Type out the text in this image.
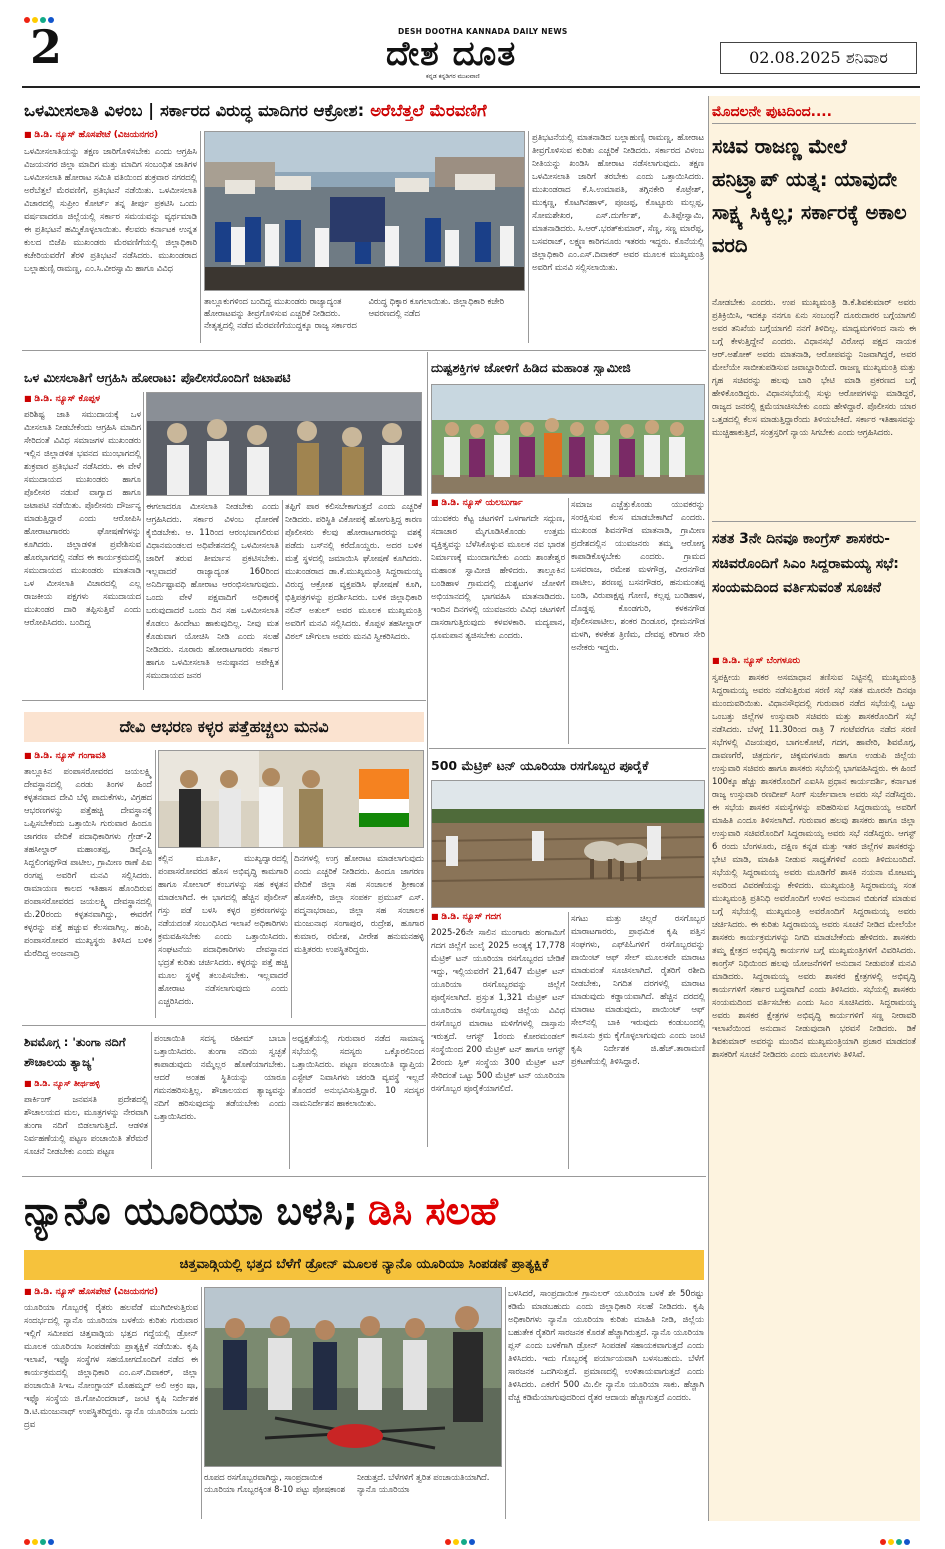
2	DESH DOOTHA KANNADA DAILY NEWS
ದೇಶ ದೂತ
ಕನ್ನಡ ಕನ್ನಡಿಗರ ಮುಖವಾಣಿ
02.08.2025 ಶನಿವಾರ
ಒಳಮೀಸಲಾತಿ ವಿಳಂಬ | ಸರ್ಕಾರದ ವಿರುದ್ಧ ಮಾದಿಗರ ಆಕ್ರೋಶ: ಅರೆಬೆತ್ತಲೆ ಮೆರವಣಿಗೆ
■ ಡಿ.ಡಿ. ನ್ಯೂಸ್ ಹೊಸಪೇಟೆ (ವಿಜಯನಗರ)
ಒಳಮೀಸಲಾತಿಯನ್ನು ತಕ್ಷಣ ಜಾರಿಗೊಳಿಸಬೇಕು ಎಂದು ಆಗ್ರಹಿಸಿ ವಿಜಯನಗರ ಜಿಲ್ಲಾ ಮಾದಿಗ ಮತ್ತು ಮಾದಿಗ ಸಂಬಂಧಿತ ಜಾತಿಗಳ ಒಳಮೀಸಲಾತಿ ಹೋರಾಟ ಸಮಿತಿ ವತಿಯಿಂದ ಶುಕ್ರವಾರ ನಗರದಲ್ಲಿ ಅರೆಬೆತ್ತಲೆ ಮೆರವಣಿಗೆ, ಪ್ರತಿಭಟನೆ ನಡೆಯಿತು. ಒಳಮೀಸಲಾತಿ ವಿಚಾರದಲ್ಲಿ ಸುಪ್ರೀಂ ಕೋರ್ಟ್ ತನ್ನ ತೀರ್ಪು ಪ್ರಕಟಿಸಿ ಒಂದು ವರ್ಷವಾದರೂ ಜಿಲ್ಲೆಯಲ್ಲಿ ಸರ್ಕಾರ ಸಮಯವನ್ನು ವ್ಯರ್ಥಮಾಡಿ ಈ ಪ್ರತಿಭಟನೆ ಹಮ್ಮಿಕೊಳ್ಳಲಾಯಿತು. ಕೆಲವರು ಕರ್ನಾಟಕ ಉನ್ನತ ಕುಲದ ಬಿಜೆಪಿ ಮುಖಂಡರು ಮೆರವಣಿಗೆಯಲ್ಲಿ ಜಿಲ್ಲಾಧಿಕಾರಿ ಕಚೇರಿಯವರೆಗೆ ತೆರಳಿ ಪ್ರತಿಭಟನೆ ನಡೆಸಿದರು. ಮುಖಂಡರಾದ ಬಲ್ಲಾಹುಣ್ಸಿ ರಾಮಣ್ಣ, ಎಂ.ಸಿ.ವೀರಸ್ವಾಮಿ ಹಾಗೂ ವಿವಿಧ
ತಾಲ್ಲೂಕುಗಳಿಂದ ಬಂದಿದ್ದ ಮುಖಂಡರು ರಾಜ್ಯಾದ್ಯಂತ ಹೋರಾಟವನ್ನು ತೀವ್ರಗೊಳಿಸುವ ಎಚ್ಚರಿಕೆ ನೀಡಿದರು. ನೇತೃತ್ವದಲ್ಲಿ ನಡೆದ ಮೆರವಣಿಗೆಯುದ್ದಕ್ಕೂ ರಾಜ್ಯ ಸರ್ಕಾರದ ವಿರುದ್ಧ ಧಿಕ್ಕಾರ ಕೂಗಲಾಯಿತು. ಜಿಲ್ಲಾಧಿಕಾರಿ ಕಚೇರಿ ಆವರಣದಲ್ಲಿ ನಡೆದ
ಪ್ರತಿಭಟನೆಯಲ್ಲಿ ಮಾತನಾಡಿದ ಬಲ್ಲಾಹುಣ್ಸಿ ರಾಮಣ್ಣ, ಹೋರಾಟ ತೀವ್ರಗೊಳಿಸುವ ಕುರಿತು ಎಚ್ಚರಿಕೆ ನೀಡಿದರು. ಸರ್ಕಾರದ ವಿಳಂಬ ನೀತಿಯನ್ನು ಖಂಡಿಸಿ ಹೋರಾಟ ನಡೆಸಲಾಗುವುದು. ತಕ್ಷಣ ಒಳಮೀಸಲಾತಿ ಜಾರಿಗೆ ತರಬೇಕು ಎಂದು ಒತ್ತಾಯಿಸಿದರು. ಮುಖಂಡರಾದ ಕೆ.ಸಿ.ಉಮಾಪತಿ, ತಗ್ಗಿನಕೇರಿ ಕೊಟ್ರೇಶ್, ಮುಕ್ಕಣ್ಣ, ಕೊಟಗಿನಹಾಳ್, ಪೂಜಪ್ಪ, ಕೊಟ್ಟೂರು ಮಲ್ಲಪ್ಪ, ಸೋಮಶೇಖರ, ಎಸ್.ದುರ್ಗೇಶ್, ಪಿ.ತಿಪ್ಪೇಸ್ವಾಮಿ, ಮಾತನಾಡಿದರು. ಸಿ.ಆರ್.ಭರತ್‍ಕುಮಾರ್, ಸೆಣ್ಣ, ಸಣ್ಣ ಮಾರೆಪ್ಪ, ಬಸವರಾಜ್, ಲಕ್ಷ್ಮಣ ಕಾರಿಗನೂರು ಇತರರು ಇದ್ದರು. ಕೊನೆಯಲ್ಲಿ ಜಿಲ್ಲಾಧಿಕಾರಿ ಎಂ.ಎಸ್.ದಿವಾಕರ್ ಅವರ ಮೂಲಕ ಮುಖ್ಯಮಂತ್ರಿ ಅವರಿಗೆ ಮನವಿ ಸಲ್ಲಿಸಲಾಯಿತು.
ಮೊದಲನೇ ಪುಟದಿಂದ....
ಸಚಿವ ರಾಜಣ್ಣ ಮೇಲೆ ಹನಿಟ್ರ್ಯಾಪ್ ಯತ್ನ: ಯಾವುದೇ ಸಾಕ್ಷ್ಯ ಸಿಕ್ಕಿಲ್ಲ; ಸರ್ಕಾರಕ್ಕೆ ಅಕಾಲ ವರದಿ
ನೋಡಬೇಕು ಎಂದರು. ಉಪ ಮುಖ್ಯಮಂತ್ರಿ ಡಿ.ಕೆ.ಶಿವಕುಮಾರ್ ಅವರು ಪ್ರತಿಕ್ರಿಯಿಸಿ, ಇದಕ್ಕೂ ನನಗೂ ಏನು ಸಂಬಂಧ? ದೂರುದಾರರ ಬಗ್ಗೆಯಾಗಲಿ ಅವರ ತನಿಖೆಯ ಬಗ್ಗೆಯಾಗಲಿ ನನಗೆ ತಿಳಿದಿಲ್ಲ. ಮಾಧ್ಯಮಗಳಿಂದ ನಾನು ಈ ಬಗ್ಗೆ ಕೇಳುತ್ತಿದ್ದೇನೆ ಎಂದರು. ವಿಧಾನಸಭೆ ವಿರೋಧ ಪಕ್ಷದ ನಾಯಕ ಆರ್.ಅಶೋಕ್ ಅವರು ಮಾತನಾಡಿ, ಆರೋಪವನ್ನು ನಿಜವಾಗಿದ್ದರೆ, ಅವರ ಮೇಲೆಯೇ ಸಾಬೀತುಪಡಿಸುವ ಜವಾಬ್ದಾರಿಯಿದೆ. ರಾಜಣ್ಣ ಮುಖ್ಯಮಂತ್ರಿ ಮತ್ತು ಗೃಹ ಸಚಿವರನ್ನು ಹಲವು ಬಾರಿ ಭೇಟಿ ಮಾಡಿ ಪ್ರಕರಣದ ಬಗ್ಗೆ ಹೇಳಿಕೊಂಡಿದ್ದರು. ವಿಧಾನಸಭೆಯಲ್ಲಿ ಸುಳ್ಳು ಆರೋಪಗಳನ್ನು ಮಾಡಿದ್ದರೆ, ರಾಜ್ಯದ ಜನರಲ್ಲಿ ಕ್ಷಮೆಯಾಚಿಸಬೇಕು ಎಂದು ಹೇಳಿದ್ದಾರೆ. ಪೊಲೀಸರು ಯಾರ ಒತ್ತಡದಲ್ಲಿ ಕೆಲಸ ಮಾಡುತ್ತಿದ್ದಾರೆಂದು ತಿಳಿಯಬೇಕಿದೆ. ಸರ್ಕಾರ ಇತಿಹಾಸವನ್ನು ಮುಚ್ಚಿಹಾಕುತ್ತಿದೆ, ಸಂತ್ರಸ್ತರಿಗೆ ನ್ಯಾಯ ಸಿಗಬೇಕು ಎಂದು ಆಗ್ರಹಿಸಿದರು.
ಸತತ 3ನೇ ದಿನವೂ ಕಾಂಗ್ರೆಸ್ ಶಾಸಕರು-ಸಚಿವರೊಂದಿಗೆ ಸಿಎಂ ಸಿದ್ದರಾಮಯ್ಯ ಸಭೆ: ಸಂಯಮದಿಂದ ವರ್ತಿಸುವಂತೆ ಸೂಚನೆ
■ ಡಿ.ಡಿ. ನ್ಯೂಸ್ ಬೆಂಗಳೂರು
ಸ್ವಪಕ್ಷೀಯ ಶಾಸಕರ ಅಸಮಾಧಾನ ತಣಿಸುವ ನಿಟ್ಟಿನಲ್ಲಿ ಮುಖ್ಯಮಂತ್ರಿ ಸಿದ್ದರಾಮಯ್ಯ ಅವರು ನಡೆಸುತ್ತಿರುವ ಸರಣಿ ಸಭೆ ಸತತ ಮೂರನೇ ದಿನವೂ ಮುಂದುವರಿಯಿತು. ವಿಧಾನಸೌಧದಲ್ಲಿ ಗುರುವಾರ ನಡೆದ ಸಭೆಯಲ್ಲಿ ಒಟ್ಟು ಒಂಬತ್ತು ಜಿಲ್ಲೆಗಳ ಉಸ್ತುವಾರಿ ಸಚಿವರು ಮತ್ತು ಶಾಸಕರೊಂದಿಗೆ ಸಭೆ ನಡೆಸಿದರು. ಬೆಳಗ್ಗೆ 11.30ರಿಂದ ರಾತ್ರಿ 7 ಗಂಟೆವರೆಗೂ ನಡೆದ ಸರಣಿ ಸಭೆಗಳಲ್ಲಿ ವಿಜಯಪುರ, ಬಾಗಲಕೋಟೆ, ಗದಗ, ಹಾವೇರಿ, ಶಿವಮೊಗ್ಗ, ದಾವಣಗೆರೆ, ಚಿತ್ರದುರ್ಗ, ಚಿಕ್ಕಮಗಳೂರು ಹಾಗೂ ಉಡುಪಿ ಜಿಲ್ಲೆಯ ಉಸ್ತುವಾರಿ ಸಚಿವರು ಹಾಗೂ ಶಾಸಕರು ಸಭೆಯಲ್ಲಿ ಭಾಗವಹಿಸಿದ್ದರು. ಈ ಹಿಂದೆ 100ಕ್ಕೂ ಹೆಚ್ಚು ಶಾಸಕರೊಂದಿಗೆ ಎಐಸಿಸಿ ಪ್ರಧಾನ ಕಾರ್ಯದರ್ಶಿ, ಕರ್ನಾಟಕ ರಾಜ್ಯ ಉಸ್ತುವಾರಿ ರಣದೀಪ್ ಸಿಂಗ್ ಸುರ್ಜೇವಾಲಾ ಅವರು ಸಭೆ ನಡೆಸಿದ್ದರು. ಈ ಸಭೆಯ ಶಾಸಕರ ಸಮಸ್ಯೆಗಳನ್ನು ಪರಿಹರಿಸುವ ಸಿದ್ದರಾಮಯ್ಯ ಅವರಿಗೆ ಮಾಹಿತಿ ಎಂದೂ ತಿಳಿಸಲಾಗಿದೆ. ಗುರುವಾರ ಹಲವು ಶಾಸಕರು ಹಾಗೂ ಜಿಲ್ಲಾ ಉಸ್ತುವಾರಿ ಸಚಿವರೊಂದಿಗೆ ಸಿದ್ದರಾಮಯ್ಯ ಅವರು ಸಭೆ ನಡೆಸಿದ್ದರು. ಆಗಸ್ಟ್ 6 ರಂದು ಬೆಂಗಳೂರು, ದಕ್ಷಿಣ ಕನ್ನಡ ಮತ್ತು ಇತರ ಜಿಲ್ಲೆಗಳ ಶಾಸಕರನ್ನು ಭೇಟಿ ಮಾಡಿ, ಮಾಹಿತಿ ನೀಡುವ ಸಾಧ್ಯತೆಗಳಿವೆ ಎಂದು ತಿಳಿದುಬಂದಿದೆ. ಸಭೆಯಲ್ಲಿ ಸಿದ್ದರಾಮಯ್ಯ ಅವರು ಮೂಡಿಗೆರೆ ಶಾಸಕಿ ನಯನಾ ಮೋಟಮ್ಮ ಅವರಿಂದ ವಿವರಣೆಯನ್ನು ಕೇಳಿದರು. ಮುಖ್ಯಮಂತ್ರಿ ಸಿದ್ದರಾಮಯ್ಯ ಸಂತ ಮುಖ್ಯಮಂತ್ರಿ ಪ್ರತಿನಿಧಿ ಅವರೊಂದಿಗೆ ಉಳಿದ ಅನುದಾನ ಬಿಡುಗಡೆ ಮಾಡುವ ಬಗ್ಗೆ ಸಭೆಯಲ್ಲಿ ಮುಖ್ಯಮಂತ್ರಿ ಅವರೊಂದಿಗೆ ಸಿದ್ದರಾಮಯ್ಯ ಅವರು ಚರ್ಚಿಸಿದರು. ಈ ಕುರಿತು ಸಿದ್ದರಾಮಯ್ಯ ಅವರು ಸೂಚನೆ ನೀಡಿದ ಮೇಲೆಯೇ ಶಾಸಕರು ಕಾರ್ಯಕ್ರಮಗಳನ್ನು ನಿಗದಿ ಮಾಡಬೇಕೆಂದು ಹೇಳಿದರು. ಶಾಸಕರು ತಮ್ಮ ಕ್ಷೇತ್ರದ ಅಭಿವೃದ್ಧಿ ಕಾರ್ಯಗಳ ಬಗ್ಗೆ ಮುಖ್ಯಮಂತ್ರಿಗಳಿಗೆ ವಿವರಿಸಿದರು. ಕಾಂಗ್ರೆಸ್ ನಿಧಿಯಿಂದ ಹಲವು ಯೋಜನೆಗಳಿಗೆ ಅನುದಾನ ನೀಡುವಂತೆ ಮನವಿ ಮಾಡಿದರು. ಸಿದ್ದರಾಮಯ್ಯ ಅವರು ಶಾಸಕರ ಕ್ಷೇತ್ರಗಳಲ್ಲಿ ಅಭಿವೃದ್ಧಿ ಕಾರ್ಯಗಳಿಗೆ ಸರ್ಕಾರ ಬದ್ಧವಾಗಿದೆ ಎಂದು ತಿಳಿಸಿದರು. ಸಭೆಯಲ್ಲಿ ಶಾಸಕರು ಸಂಯಮದಿಂದ ವರ್ತಿಸಬೇಕು ಎಂದು ಸಿಎಂ ಸೂಚಿಸಿದರು. ಸಿದ್ದರಾಮಯ್ಯ ಅವರು ಶಾಸಕರ ಕ್ಷೇತ್ರಗಳ ಅಭಿವೃದ್ಧಿ ಕಾರ್ಯಗಳಿಗೆ ಸಣ್ಣ ನೀರಾವರಿ ಇಲಾಖೆಯಿಂದ ಅನುದಾನ ನೀಡುವುದಾಗಿ ಭರವಸೆ ನೀಡಿದರು. ಡಿಕೆ ಶಿವಕುಮಾರ್ ಅವರನ್ನು ಮುಂದಿನ ಮುಖ್ಯಮಂತ್ರಿಯಾಗಿ ಪ್ರಚಾರ ಮಾಡದಂತೆ ಶಾಸಕರಿಗೆ ಸೂಚನೆ ನೀಡಿದರು ಎಂದು ಮೂಲಗಳು ತಿಳಿಸಿವೆ.
ಒಳ ಮೀಸಲಾತಿಗೆ ಆಗ್ರಹಿಸಿ ಹೋರಾಟ: ಪೊಲೀಸರೊಂದಿಗೆ ಜಟಾಪಟಿ
■ ಡಿ.ಡಿ. ನ್ಯೂಸ್ ಕೊಪ್ಪಳ
ಪರಿಶಿಷ್ಟ ಜಾತಿ ಸಮುದಾಯಕ್ಕೆ ಒಳ ಮೀಸಲಾತಿ ನೀಡಬೇಕೆಂದು ಆಗ್ರಹಿಸಿ ಮಾದಿಗ ಸೇರಿದಂತೆ ವಿವಿಧ ಸಮಾಜಗಳ ಮುಖಂಡರು ಇಲ್ಲಿನ ಜಿಲ್ಲಾಡಳಿತ ಭವನದ ಮುಂಭಾಗದಲ್ಲಿ ಶುಕ್ರವಾರ ಪ್ರತಿಭಟನೆ ನಡೆಸಿದರು. ಈ ವೇಳೆ ಸಮುದಾಯದ ಮುಖಂಡರು ಹಾಗೂ ಪೊಲೀಸರ ನಡುವೆ ವಾಗ್ವಾದ ಹಾಗೂ ಜಟಾಪಟಿ ನಡೆಯಿತು. ಪೊಲೀಸರು ದೌರ್ಜನ್ಯ ಮಾಡುತ್ತಿದ್ದಾರೆ ಎಂದು ಆರೋಪಿಸಿ ಹೋರಾಟಗಾರರು ಘೋಷಣೆಗಳನ್ನು ಕೂಗಿದರು. ಜಿಲ್ಲಾಡಳಿತ ಪ್ರವೇಶಿಸುವ ಹೊರಭಾಗದಲ್ಲಿ ನಡೆದ ಈ ಕಾರ್ಯಕ್ರಮದಲ್ಲಿ ಸಮುದಾಯದ ಮುಖಂಡರು ಮಾತನಾಡಿ ಒಳ ಮೀಸಲಾತಿ ವಿಚಾರದಲ್ಲಿ ಎಲ್ಲ ರಾಜಕೀಯ ಪಕ್ಷಗಳು ಸಮುದಾಯದ ಮುಖಂಡರ ದಾರಿ ತಪ್ಪಿಸುತ್ತಿವೆ ಎಂದು ಆರೋಪಿಸಿದರು. ಬಂದಿದ್ದ
ಈಗಲಾದರೂ ಮೀಸಲಾತಿ ನೀಡಬೇಕು ಎಂದು ಆಗ್ರಹಿಸಿದರು. ಸರ್ಕಾರ ವಿಳಂಬ ಧೋರಣೆ ಕೈಬಿಡಬೇಕು. ಆ. 11ರಿಂದ ಆರಂಭವಾಗಲಿರುವ ವಿಧಾನಮಂಡಲದ ಅಧಿವೇಶನದಲ್ಲಿ ಒಳಮೀಸಲಾತಿ ಜಾರಿಗೆ ತರುವ ತೀರ್ಮಾನ ಪ್ರಕಟಿಸಬೇಕು. ಇಲ್ಲವಾದರೆ ರಾಜ್ಯಾದ್ಯಂತ 160ರಿಂದ ಅನಿರ್ದಿಷ್ಟಾವಧಿ ಹೋರಾಟ ಆರಂಭಿಸಲಾಗುವುದು. ಒಂದು ವೇಳೆ ಪಕ್ಷವಾದಿಗೆ ಅಧಿಕಾರಕ್ಕೆ ಬರುವುದಾದರೆ ಒಂದು ದಿನ ಸಹ ಒಳಮೀಸಲಾತಿ ಕೊಡಲು ಹಿಂದೇಟು ಹಾಕುವುದಿಲ್ಲ. ನೀವು ಮತ ಕೊಡುವಾಗ ಯೋಚಿಸಿ ನೀಡಿ ಎಂದು ಸಲಹೆ ನೀಡಿದರು. ನೂರಾರು ಹೋರಾಟಗಾರರು ಸರ್ಕಾರ ಹಾಗೂ ಒಳಮೀಸಲಾತಿ ಅನುಷ್ಠಾನದ ಅಪೇಕ್ಷಿತ ಸಮುದಾಯದ ಜನರ
ತಪ್ಪಿಗೆ ಪಾಠ ಕಲಿಸಬೇಕಾಗುತ್ತದೆ ಎಂದು ಎಚ್ಚರಿಕೆ ನೀಡಿದರು. ಪರಿಸ್ಥಿತಿ ವಿಕೋಪಕ್ಕೆ ಹೋಗುತ್ತಿದ್ದ ಕಾರಣ ಪೊಲೀಸರು ಕೆಲವು ಹೋರಾಟಗಾರರನ್ನು ವಶಕ್ಕೆ ಪಡೆದು ಬಸ್‍ನಲ್ಲಿ ಕರೆದೊಯ್ದರು. ಅದರ ಬಳಿಕ ಮತ್ತೆ ಸ್ಥಳದಲ್ಲಿ ಜಮಾಯಿಸಿ ಘೋಷಣೆ ಕೂಗಿದರು. ಮುಖಂಡರಾದ ಡಾ.ಕೆ.ಮುಖ್ಯಮಂತ್ರಿ ಸಿದ್ದರಾಮಯ್ಯ ವಿರುದ್ಧ ಆಕ್ರೋಶ ವ್ಯಕ್ತಪಡಿಸಿ ಘೋಷಣೆ ಕೂಗಿ, ಭಿತ್ತಿಪತ್ರಗಳನ್ನು ಪ್ರದರ್ಶಿಸಿದರು. ಬಳಿಕ ಜಿಲ್ಲಾಧಿಕಾರಿ ನಲಿನ್ ಅತುಲ್ ಅವರ ಮೂಲಕ ಮುಖ್ಯಮಂತ್ರಿ ಅವರಿಗೆ ಮನವಿ ಸಲ್ಲಿಸಿದರು. ಕೊಪ್ಪಳ ತಹಸೀಲ್ದಾರ್ ವಿಠಲ್ ಚೌಗುಲಾ ಅವರು ಮನವಿ ಸ್ವೀಕರಿಸಿದರು.
ದುಷ್ಟಶಕ್ತಿಗಳ ಜೋಳಿಗೆ ಹಿಡಿದ ಮಹಾಂತ ಸ್ವಾಮೀಜಿ
■ ಡಿ.ಡಿ. ನ್ಯೂಸ್ ಯಲಬುರ್ಗಾ
ಯುವಕರು ಕೆಟ್ಟ ಚಟಗಳಿಗೆ ಒಳಗಾಗದೇ ಸದ್ಗುಣ, ಸದಾಚಾರ ಮೈಗೂಡಿಸಿಕೊಂಡು ಉತ್ತಮ ವ್ಯಕ್ತಿತ್ವವನ್ನು ಬೆಳೆಸಿಕೊಳ್ಳುವ ಮೂಲಕ ನವ ಭಾರತ ನಿರ್ಮಾಣಕ್ಕೆ ಮುಂದಾಗಬೇಕು ಎಂದು ಶಾಂತೇಶ್ವರ ಮಹಾಂತ ಸ್ವಾಮೀಜಿ ಹೇಳಿದರು. ತಾಲ್ಲೂಕಿನ ಬಂಡಿಹಾಳ ಗ್ರಾಮದಲ್ಲಿ ದುಶ್ಚಟಗಳ ಜೋಳಿಗೆ ಅಭಿಯಾನದಲ್ಲಿ ಭಾಗವಹಿಸಿ ಮಾತನಾಡಿದರು. ಇಂದಿನ ದಿನಗಳಲ್ಲಿ ಯುವಜನರು ವಿವಿಧ ಚಟಗಳಿಗೆ ದಾಸರಾಗುತ್ತಿರುವುದು ಕಳವಳಕಾರಿ. ಮದ್ಯಪಾನ, ಧೂಮಪಾನ ತ್ಯಜಿಸಬೇಕು ಎಂದರು.
ಸಮಾಜ ಎಚ್ಚೆತ್ತುಕೊಂಡು ಯುವಕರನ್ನು ಸಂರಕ್ಷಿಸುವ ಕೆಲಸ ಮಾಡಬೇಕಾಗಿದೆ ಎಂದರು. ಮುಖಂಡ ಶಿವನಗೌಡ ಮಾತನಾಡಿ, ಗ್ರಾಮೀಣ ಪ್ರದೇಶದಲ್ಲಿನ ಯುವಜನರು ತಮ್ಮ ಆರೋಗ್ಯ ಕಾಪಾಡಿಕೊಳ್ಳಬೇಕು ಎಂದರು. ಗ್ರಾಮದ ಬಸವರಾಜ, ರಮೇಶ ಮಳಗೌಡ್ರ, ವೀರನಗೌಡ ಪಾಟೀಲ, ಶರಣಪ್ಪ ಬಸನಗೌಡರ, ಹನುಮಂತಪ್ಪ ಬಂಡಿ, ವಿರುಪಾಕ್ಷಪ್ಪ ಗೋಣಿ, ಕಲ್ಲಪ್ಪ ಬಂಡಿಹಾಳ, ದೊಡ್ಡಪ್ಪ ಕೊಂಡಗುರಿ, ಕಳಕನಗೌಡ ಪೊಲೀಸಪಾಟೀಲ, ಶಂಕರ ದಿಂಡೂರ, ಭೀಮನಗೌಡ ಮಳಗಿ, ಕಳಕೇಶ ತ್ರಿಣಿಮ, ದೇವಪ್ಪ ಕರಿಗಾರ ಸೇರಿ ಅನೇಕರು ಇದ್ದರು.
ದೇವಿ ಆಭರಣ ಕಳ್ಳರ ಪತ್ತೆಹಚ್ಚಲು ಮನವಿ
■ ಡಿ.ಡಿ. ನ್ಯೂಸ್ ಗಂಗಾವತಿ
ತಾಲ್ಲೂಕಿನ ಪಂಪಾಸರೋವರದ ಜಯಲಕ್ಷ್ಮಿ ದೇವಸ್ಥಾನದಲ್ಲಿ ಎರಡು ತಿಂಗಳ ಹಿಂದೆ ಕಳ್ಳತನವಾದ ದೇವಿ ಬೆಳ್ಳಿ ಪಾದುಕೆಗಳು, ವಿಗ್ರಹದ ಆಭರಣಗಳನ್ನು ಪತ್ತೆಹಚ್ಚಿ ದೇವಸ್ಥಾನಕ್ಕೆ ಒಪ್ಪಿಸಬೇಕೆಂದು ಒತ್ತಾಯಿಸಿ ಗುರುವಾರ ಹಿಂದೂ ಜಾಗರಣ ವೇದಿಕೆ ಪದಾಧಿಕಾರಿಗಳು ಗ್ರೇಡ್-2 ತಹಸೀಲ್ದಾರ್ ಮಹಾಂತಪ್ಪ, ಡಿವೈಎಸ್ಪಿ ಸಿದ್ದಲಿಂಗಪ್ಪಗೌಡ ಪಾಟೀಲ, ಗ್ರಾಮೀಣ ಠಾಣೆ ಪಿಐ ರಂಗಪ್ಪ ಅವರಿಗೆ ಮನವಿ ಸಲ್ಲಿಸಿದರು. ರಾಮಾಯಣ ಕಾಲದ ಇತಿಹಾಸ ಹೊಂದಿರುವ ಪಂಪಾಸರೋವರದ ಜಯಲಕ್ಷ್ಮಿ ದೇವಸ್ಥಾನದಲ್ಲಿ ಮೆ.20ರಂದು ಕಳ್ಳತನವಾಗಿದ್ದು, ಈವರೆಗೆ ಕಳ್ಳರನ್ನು ಪತ್ತೆ ಹಚ್ಚುವ ಕೆಲಸವಾಗಿಲ್ಲ. ಹಂಪಿ, ಪಂಪಾಸರೋವರ ಮುಖ್ಯಸ್ಥರು ತಿಳಿಸಿದ ಬಳಿಕ ಮೆರೆದಿದ್ದ ಅಂಜನಾದ್ರಿ
ಕಲ್ಲಿನ ಮೂರ್ತಿ, ಮುಖ್ಯದ್ವಾರದಲ್ಲಿ ಪಂಪಾಸರೋವರದ ಹೊಸ ಅಭಿವೃದ್ಧಿ ಕಾಮಗಾರಿ ಹಾಗೂ ಸೋಲಾರ್ ಕಂಬಗಳನ್ನು ಸಹ ಕಳ್ಳತನ ಮಾಡಲಾಗಿದೆ. ಈ ಭಾಗದಲ್ಲಿ ಹೆಚ್ಚಿನ ಪೊಲೀಸ್ ಗಸ್ತು ಪಡೆ ಬಳಸಿ ಕಳ್ಳರ ಪ್ರಕರಣಗಳನ್ನು ನಡೆಯದಂತೆ ಸಂಬಂಧಿಸಿದ ಇಲಾಖೆ ಅಧಿಕಾರಿಗಳು ಕ್ರಮವಹಿಸಬೇಕು ಎಂದು ಒತ್ತಾಯಿಸಿದರು. ಸಂಘಟನೆಯ ಪದಾಧಿಕಾರಿಗಳು ದೇವಸ್ಥಾನದ ಭದ್ರತೆ ಕುರಿತು ಚರ್ಚಿಸಿದರು. ಕಳ್ಳರನ್ನು ಪತ್ತೆ ಹಚ್ಚಿ ಮೂಲ ಸ್ಥಳಕ್ಕೆ ತಲುಪಿಸಬೇಕು. ಇಲ್ಲವಾದರೆ ಹೋರಾಟ ನಡೆಸಲಾಗುವುದು ಎಂದು ಎಚ್ಚರಿಸಿದರು.
ದಿನಗಳಲ್ಲಿ ಉಗ್ರ ಹೋರಾಟ ಮಾಡಲಾಗುವುದು ಎಂದು ಎಚ್ಚರಿಕೆ ನೀಡಿದರು. ಹಿಂದೂ ಜಾಗರಣ ವೇದಿಕೆ ಜಿಲ್ಲಾ ಸಹ ಸಂಚಾಲಕ ಶ್ರೀಕಾಂತ ಹೊಸಕೇರಿ, ಜಿಲ್ಲಾ ಸಂಪರ್ಕ ಪ್ರಮುಖ್ ಎಸ್. ಪದ್ಮನಾಭರಾಜು, ಜಿಲ್ಲಾ ಸಹ ಸಂಚಾಲಕ ಮಂಜುನಾಥ ಸಂಗಾಪುರ, ರುದ್ರೇಶ, ಹೂಗಾರ ಕುಮಾರ, ರಮೇಶ, ವೀರೇಶ ಹನುಮನಹಳ್ಳಿ ಮತ್ತಿತರರು ಉಪಸ್ಥಿತರಿದ್ದರು.
500 ಮೆಟ್ರಿಕ್ ಟನ್ ಯೂರಿಯಾ ರಸಗೊಬ್ಬರ ಪೂರೈಕೆ
■ ಡಿ.ಡಿ. ನ್ಯೂಸ್ ಗದಗ
2025-26ನೇ ಸಾಲಿನ ಮುಂಗಾರು ಹಂಗಾಮಿಗೆ ಗದಗ ಜಿಲ್ಲೆಗೆ ಜುಲೈ 2025 ಅಂತ್ಯಕ್ಕೆ 17,778 ಮೆಟ್ರಿಕ್ ಟನ್ ಯೂರಿಯಾ ರಸಗೊಬ್ಬರದ ಬೇಡಿಕೆ ಇದ್ದು, ಇಲ್ಲಿಯವರೆಗೆ 21,647 ಮೆಟ್ರಿಕ್ ಟನ್ ಯೂರಿಯಾ ರಸಗೊಬ್ಬರವನ್ನು ಜಿಲ್ಲೆಗೆ ಪೂರೈಸಲಾಗಿದೆ. ಪ್ರಸ್ತುತ 1,321 ಮೆಟ್ರಿಕ್ ಟನ್ ಯೂರಿಯಾ ರಸಗೊಬ್ಬರವು ಜಿಲ್ಲೆಯ ವಿವಿಧ ರಸಗೊಬ್ಬರ ಮಾರಾಟ ಮಳಿಗೆಗಳಲ್ಲಿ ದಾಸ್ತಾನು ಇರುತ್ತದೆ. ಆಗಸ್ಟ್ 1ರಂದು ಕೋರಮಂಡಲ್ ಸಂಸ್ಥೆಯಿಂದ 200 ಮೆಟ್ರಿಕ್ ಟನ್ ಹಾಗೂ ಆಗಸ್ಟ್ 2ರಂದು ಸ್ಪಿಕ್ ಸಂಸ್ಥೆಯ 300 ಮೆಟ್ರಿಕ್ ಟನ್ ಸೇರಿದಂತೆ ಒಟ್ಟು 500 ಮೆಟ್ರಿಕ್ ಟನ್ ಯೂರಿಯಾ ರಸಗೊಬ್ಬರ ಪೂರೈಕೆಯಾಗಲಿದೆ.
ಸಗಟು ಮತ್ತು ಚಿಲ್ಲರೆ ರಸಗೊಬ್ಬರ ಮಾರಾಟಗಾರರು, ಪ್ರಾಥಮಿಕ ಕೃಷಿ ಪತ್ತಿನ ಸಂಘಗಳು, ಎಫ್‍ಪಿಓಗಳಿಗೆ ರಸಗೊಬ್ಬರವನ್ನು ಪಾಯಿಂಟ್ ಆಫ್ ಸೇಲ್ ಮೂಲಕವೇ ಮಾರಾಟ ಮಾಡುವಂತೆ ಸೂಚಿಸಲಾಗಿದೆ. ರೈತರಿಗೆ ರಶೀದಿ ನೀಡಬೇಕು, ನಿಗದಿತ ದರಗಳಲ್ಲಿ ಮಾರಾಟ ಮಾಡುವುದು ಕಡ್ಡಾಯವಾಗಿದೆ. ಹೆಚ್ಚಿನ ದರದಲ್ಲಿ ಮಾರಾಟ ಮಾಡುವುದು, ಪಾಯಿಂಟ್ ಆಫ್ ಸೇಲ್‍ನಲ್ಲಿ ಬಾಕಿ ಇರುವುದು ಕಂಡುಬಂದಲ್ಲಿ ಕಾನೂನು ಕ್ರಮ ಕೈಗೊಳ್ಳಲಾಗುವುದು ಎಂದು ಜಂಟಿ ಕೃಷಿ ನಿರ್ದೇಶಕ ಜಿ.ಹೆಚ್.ತಾರಾಮಣಿ ಪ್ರಕಟಣೆಯಲ್ಲಿ ತಿಳಿಸಿದ್ದಾರೆ.
ಶಿವಮೊಗ್ಗ : 'ತುಂಗಾ ನದಿಗೆ ಶೌಚಾಲಯ ತ್ಯಾಜ್ಯ'
■ ಡಿ.ಡಿ. ನ್ಯೂಸ್ ತೀರ್ಥಹಳ್ಳಿ
ಪಾರ್ಕಿಂಗ್ ಜನವಸತಿ ಪ್ರದೇಶದಲ್ಲಿ ಶೌಚಾಲಯದ ಮಲ, ಮೂತ್ರಗಳನ್ನು ನೇರವಾಗಿ ತುಂಗಾ ನದಿಗೆ ಬಿಡಲಾಗುತ್ತಿದೆ. ಆಡಳಿತ ನಿರ್ವಹಣೆಯಲ್ಲಿ ಪಟ್ಟಣ ಪಂಚಾಯಿತಿ ತೆರೆಮರೆ ಸೂಚನೆ ನೀಡಬೇಕು ಎಂದು ಪಟ್ಟಣ
ಪಂಚಾಯಿತಿ ಸದಸ್ಯ ರಹೀಮ್ ಬಾಬಾ ಒತ್ತಾಯಿಸಿದರು. ತುಂಗಾ ನದಿಯ ಸ್ವಚ್ಛತೆ ಕಾಪಾಡುವುದು ನಮ್ಮೆಲ್ಲರ ಹೊಣೆಯಾಗಬೇಕು. ಆದರೆ ಅಂತಹ ಸ್ಥಿತಿಯನ್ನು ಯಾರೂ ಗಮನಹರಿಸುತ್ತಿಲ್ಲ. ಶೌಚಾಲಯದ ತ್ಯಾಜ್ಯವನ್ನು ನದಿಗೆ ಹರಿಸುವುದನ್ನು ತಡೆಯಬೇಕು ಎಂದು ಒತ್ತಾಯಿಸಿದರು.
ಅಧ್ಯಕ್ಷತೆಯಲ್ಲಿ ಗುರುವಾರ ನಡೆದ ಸಾಮಾನ್ಯ ಸಭೆಯಲ್ಲಿ ಸದಸ್ಯರು ಒಕ್ಕೊರಲಿನಿಂದ ಒತ್ತಾಯಿಸಿದರು. ಪಟ್ಟಣ ಪಂಚಾಯಿತಿ ವ್ಯಾಪ್ತಿಯ ಎಸ್ಟೇಟ್ ನಿವಾಸಿಗಳು ಚರಂಡಿ ವ್ಯವಸ್ಥೆ ಇಲ್ಲದೆ ತೊಂದರೆ ಅನುಭವಿಸುತ್ತಿದ್ದಾರೆ. 10 ಸದಸ್ಯರ ನಾಮನಿರ್ದೇಶನ ಹಾಕಲಾಯಿತು.
ನ್ಯಾನೊ ಯೂರಿಯಾ ಬಳಸಿ; ಡಿಸಿ ಸಲಹೆ
ಚಿತ್ತವಾಡ್ಗಿಯಲ್ಲಿ ಭತ್ತದ ಬೆಳೆಗೆ ಡ್ರೋನ್ ಮೂಲಕ ನ್ಯಾನೊ ಯೂರಿಯಾ ಸಿಂಪಡಣೆ ಪ್ರಾತ್ಯಕ್ಷಿಕೆ
■ ಡಿ.ಡಿ. ನ್ಯೂಸ್ ಹೊಸಪೇಟೆ (ವಿಜಯನಗರ)
ಯೂರಿಯಾ ಗೊಬ್ಬರಕ್ಕೆ ರೈತರು ಹಲವೆಡೆ ಮುಗಿಬೀಳುತ್ತಿರುವ ಸಂದರ್ಭದಲ್ಲಿ ನ್ಯಾನೊ ಯೂರಿಯಾ ಬಳಕೆಯ ಕುರಿತು ಗುರುವಾರ ಇಲ್ಲಿಗೆ ಸಮೀಪದ ಚಿತ್ತವಾಡ್ಗಿಯ ಭತ್ತದ ಗದ್ದೆಯಲ್ಲಿ ಡ್ರೋನ್ ಮೂಲಕ ಯೂರಿಯಾ ಸಿಂಪಡಣೆಯ ಪ್ರಾತ್ಯಕ್ಷಿಕೆ ನಡೆಯಿತು. ಕೃಷಿ ಇಲಾಖೆ, ಇಫ್ಕೊ ಸಂಸ್ಥೆಗಳ ಸಹಯೋಗದೊಂದಿಗೆ ನಡೆದ ಈ ಕಾರ್ಯಕ್ರಮದಲ್ಲಿ ಜಿಲ್ಲಾಧಿಕಾರಿ ಎಂ.ಎಸ್.ದಿವಾಕರ್, ಜಿಲ್ಲಾ ಪಂಚಾಯಿತಿ ಸಿಇಒ ನೋಂಗ್ಜಾಯ್ ಮೊಹಮ್ಮದ್ ಅಲಿ ಅಕ್ರಂ ಷಾ, ಇಫ್ಕೊ ಸಂಸ್ಥೆಯ ಜಿ.ಗೋವಿಂದರಾಜ್, ಜಂಟಿ ಕೃಷಿ ನಿರ್ದೇಶಕ ಡಿ.ಟಿ.ಮಂಜುನಾಥ್ ಉಪಸ್ಥಿತರಿದ್ದರು. ನ್ಯಾನೊ ಯೂರಿಯಾ ಒಂದು ದ್ರವ
ರೂಪದ ರಸಗೊಬ್ಬರವಾಗಿದ್ದು, ಸಾಂಪ್ರದಾಯಿಕ ಯೂರಿಯಾ ಗೊಬ್ಬರಕ್ಕಿಂತ 8-10 ಪಟ್ಟು ಪೋಷಕಾಂಶ ನೀಡುತ್ತದೆ. ಬೆಳೆಗಳಿಗೆ ತ್ವರಿತ ಪಂಚಾಯತಿಯಾಗಿದೆ. ನ್ಯಾನೊ ಯೂರಿಯಾ
ಬಳಸಿದರೆ, ಸಾಂಪ್ರದಾಯಿಕ ಗ್ರಾನುಲರ್ ಯೂರಿಯಾ ಬಳಕೆ ಶೇ 50ರಷ್ಟು ಕಡಿಮೆ ಮಾಡಬಹುದು ಎಂದು ಜಿಲ್ಲಾಧಿಕಾರಿ ಸಲಹೆ ನೀಡಿದರು. ಕೃಷಿ ಅಧಿಕಾರಿಗಳು ನ್ಯಾನೊ ಯೂರಿಯಾ ಕುರಿತು ಮಾಹಿತಿ ನೀಡಿ, ಜಿಲ್ಲೆಯ ಬಹುತೇಕ ರೈತರಿಗೆ ಸಾರಜನಕ ಕೊರತೆ ಹೆಚ್ಚಾಗಿರುತ್ತದೆ. ನ್ಯಾನೊ ಯೂರಿಯಾ ಪ್ಲಸ್ ಎಂದು ಬಳಕೆಗಾಗಿ ಡ್ರೋನ್ ಸಿಂಪಡಣೆ ಸಹಾಯಕವಾಗುತ್ತದೆ ಎಂದು ತಿಳಿಸಿದರು. ಇದು ಗೊಬ್ಬರಕ್ಕೆ ಪರ್ಯಾಯವಾಗಿ ಬಳಸಬಹುದು. ಬೆಳೆಗೆ ಸಾರಜನಕ ಒದಗಿಸುತ್ತದೆ. ಪ್ರಮಾಣದಲ್ಲಿ ಉಳಿತಾಯವಾಗುತ್ತದೆ ಎಂದು ತಿಳಿಸಿದರು. ಎಕರೆಗೆ 500 ಮಿ.ಲೀ ನ್ಯಾನೊ ಯೂರಿಯಾ ಸಾಕು. ಹೆಚ್ಚಾಗಿ ವೆಚ್ಚ ಕಡಿಮೆಯಾಗುವುದರಿಂದ ರೈತರ ಆದಾಯ ಹೆಚ್ಚಾಗುತ್ತದೆ ಎಂದರು.
